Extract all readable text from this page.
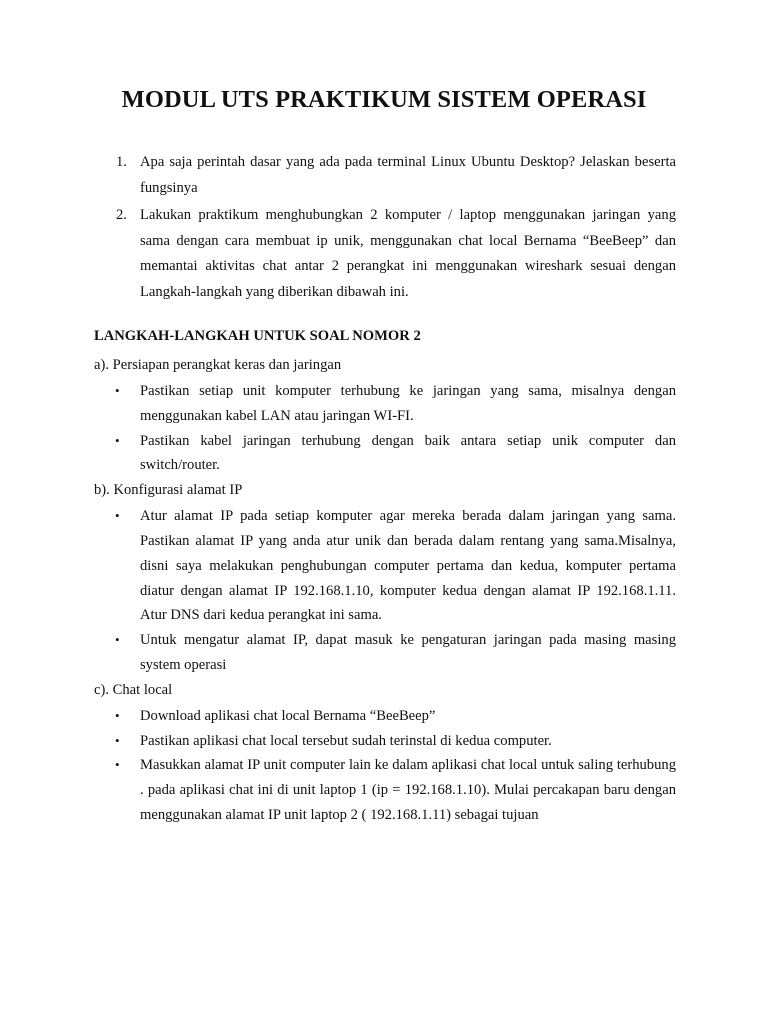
MODUL UTS PRAKTIKUM SISTEM OPERASI
1. Apa saja perintah dasar yang ada pada terminal Linux Ubuntu Desktop? Jelaskan beserta fungsinya
2. Lakukan praktikum menghubungkan 2 komputer / laptop menggunakan jaringan yang sama dengan cara membuat ip unik, menggunakan chat local Bernama “BeeBeep” dan memantai aktivitas chat antar 2 perangkat ini menggunakan wireshark sesuai dengan Langkah-langkah yang diberikan dibawah ini.
LANGKAH-LANGKAH UNTUK SOAL NOMOR 2

a). Persiapan perangkat keras dan jaringan

• Pastikan setiap unit komputer terhubung ke jaringan yang sama, misalnya dengan menggunakan kabel LAN atau jaringan WI-FI.
• Pastikan kabel jaringan terhubung dengan baik antara setiap unik computer dan switch/router.

b). Konfigurasi alamat IP

• Atur alamat IP pada setiap komputer agar mereka berada dalam jaringan yang sama. Pastikan alamat IP yang anda atur unik dan berada dalam rentang yang sama.Misalnya, disni saya melakukan penghubungan computer pertama dan kedua, komputer pertama diatur dengan alamat IP 192.168.1.10, komputer kedua dengan alamat IP 192.168.1.11. Atur DNS dari kedua perangkat ini sama.
• Untuk mengatur alamat IP, dapat masuk ke pengaturan jaringan pada masing masing system operasi

c). Chat local

• Download aplikasi chat local Bernama “BeeBeep”
• Pastikan aplikasi chat local tersebut sudah terinstal di kedua computer.
• Masukkan alamat IP unit computer lain ke dalam aplikasi chat local untuk saling terhubung . pada aplikasi chat ini di unit laptop 1 (ip = 192.168.1.10). Mulai percakapan baru dengan menggunakan alamat IP unit laptop 2 ( 192.168.1.11) sebagai tujuan
